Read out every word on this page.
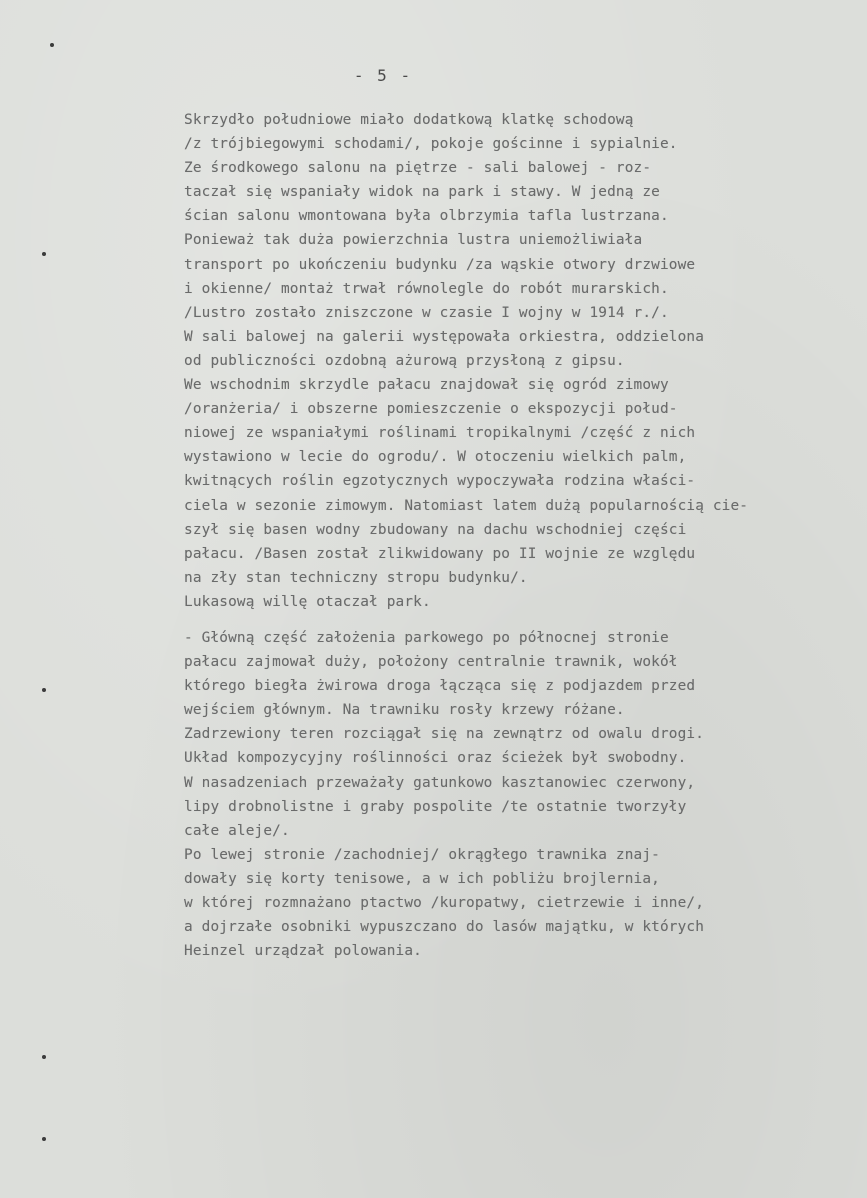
- 5 -
Skrzydło południowe miało dodatkową klatkę schodową
/z trójbiegowymi schodami/, pokoje gościnne i sypialnie.
Ze środkowego salonu na piętrze - sali balowej - roz-
taczał się wspaniały widok na park i stawy. W jedną ze
ścian salonu wmontowana była olbrzymia tafla lustrzana.
Ponieważ tak duża powierzchnia lustra uniemożliwiała
transport po ukończeniu budynku /za wąskie otwory drzwiowe
i okienne/ montaż trwał równolegle do robót murarskich.
/Lustro zostało zniszczone w czasie I wojny w 1914 r./.
W sali balowej na galerii występowała orkiestra, oddzielona
od publiczności ozdobną ażurową przysłoną z gipsu.
We wschodnim skrzydle pałacu znajdował się ogród zimowy
/oranżeria/ i obszerne pomieszczenie o ekspozycji połud-
niowej ze wspaniałymi roślinami tropikalnymi /część z nich
wystawiono w lecie do ogrodu/. W otoczeniu wielkich palm,
kwitnących roślin egzotycznych wypoczywała rodzina właści-
ciela w sezonie zimowym. Natomiast latem dużą popularnością cie-
szył się basen wodny zbudowany na dachu wschodniej części
pałacu. /Basen został zlikwidowany po II wojnie ze względu
na zły stan techniczny stropu budynku/.
Lukasową willę otaczał park.
- Główną część założenia parkowego po północnej stronie
pałacu zajmował duży, położony centralnie trawnik, wokół
którego biegła żwirowa droga łącząca się z podjazdem przed
wejściem głównym. Na trawniku rosły krzewy różane.
Zadrzewiony teren rozciągał się na zewnątrz od owalu drogi.
Układ kompozycyjny roślinności oraz ścieżek był swobodny.
W nasadzeniach przeważały gatunkowo kasztanowiec czerwony,
lipy drobnolistne i graby pospolite /te ostatnie tworzyły
całe aleje/.
Po lewej stronie /zachodniej/ okrągłego trawnika znaj-
dowały się korty tenisowe, a w ich pobliżu brojlernia,
w której rozmnażano ptactwo /kuropatwy, cietrzewie i inne/,
a dojrzałe osobniki wypuszczano do lasów majątku, w których
Heinzel urządzał polowania.
